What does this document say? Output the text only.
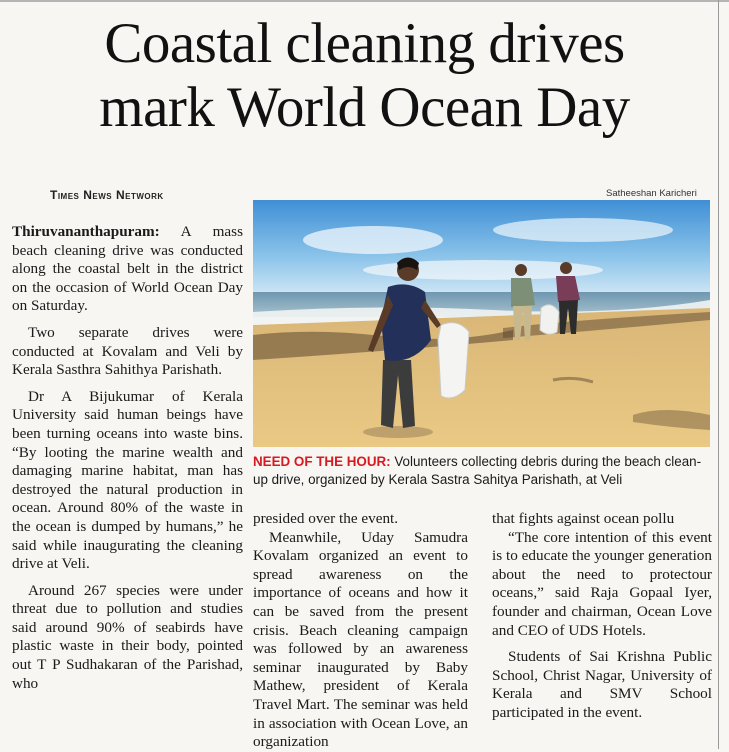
Coastal cleaning drives
mark World Ocean Day
Times News Network	Satheeshan Karicheri
NEED OF THE HOUR: Volunteers collecting debris during the beach clean-up drive, organized by Kerala Sastra Sahitya Parishath, at Veli

Thiruvananthapuram: A mass beach cleaning drive was conducted along the coastal belt in the district on the occasion of World Ocean Day on Saturday.

Two separate drives were conducted at Kovalam and Veli by Kerala Sasthra Sahithya Parishath.

Dr A Bijukumar of Kerala University said human beings have been turning oceans into waste bins. “By looting the marine wealth and damaging marine habitat, man has destroyed the natural production in ocean. Around 80% of the waste in the ocean is dumped by humans,” he said while inaugurating the cleaning drive at Veli.

Around 267 species were under threat due to pollution and studies said around 90% of seabirds have plastic waste in their body, pointed out T P Sudhakaran of the Parishad, who

presided over the event.

Meanwhile, Uday Samudra Kovalam organized an event to spread awareness on the importance of oceans and how it can be saved from the present crisis. Beach cleaning campaign was followed by an awareness seminar inaugurated by Baby Mathew, president of Kerala Travel Mart. The seminar was held in association with Ocean Love, an organization

that fights against ocean pollu

“The core intention of this event is to educate the younger generation about the need to protectour oceans,” said Raja Gopaal Iyer, founder and chairman, Ocean Love and CEO of UDS Hotels.

Students of Sai Krishna Public School, Christ Nagar, University of Kerala and SMV School participated in the event.
